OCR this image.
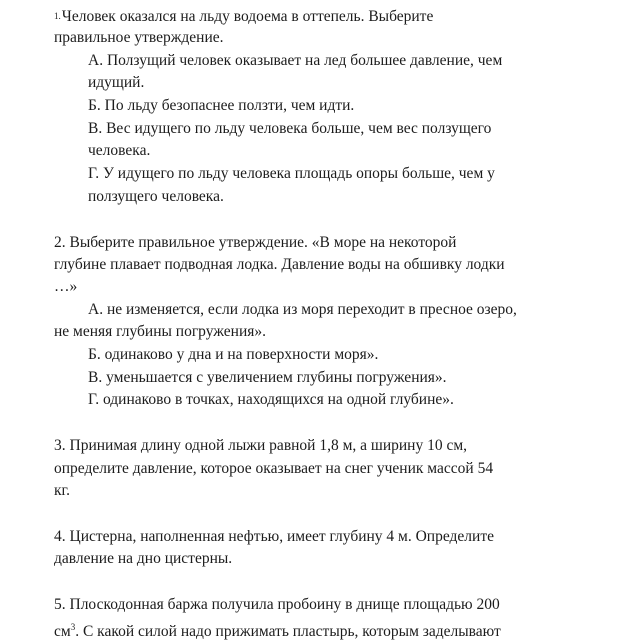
1.Человек оказался на льду водоема в оттепель. Выберите
правильное утверждение.
А. Ползущий человек оказывает на лед большее давление, чем
идущий.
Б. По льду безопаснее ползти, чем идти.
В. Вес идущего по льду человека больше, чем вес ползущего
человека.
Г. У идущего по льду человека площадь опоры больше, чем у
ползущего человека.
2. Выберите правильное утверждение. «В море на некоторой
глубине плавает подводная лодка. Давление воды на обшивку лодки
…»
А. не изменяется, если лодка из моря переходит в пресное озеро,
не меняя глубины погружения».
Б. одинаково у дна и на поверхности моря».
В. уменьшается с увеличением глубины погружения».
Г. одинаково в точках, находящихся на одной глубине».
3. Принимая длину одной лыжи равной 1,8 м, а ширину 10 см,
определите давление, которое оказывает на снег ученик массой 54
кг.
4. Цистерна, наполненная нефтью, имеет глубину 4 м. Определите
давление на дно цистерны.
5. Плоскодонная баржа получила пробоину в днище площадью 200
$см^3$. С какой силой надо прижимать пластырь, которым заделывают
